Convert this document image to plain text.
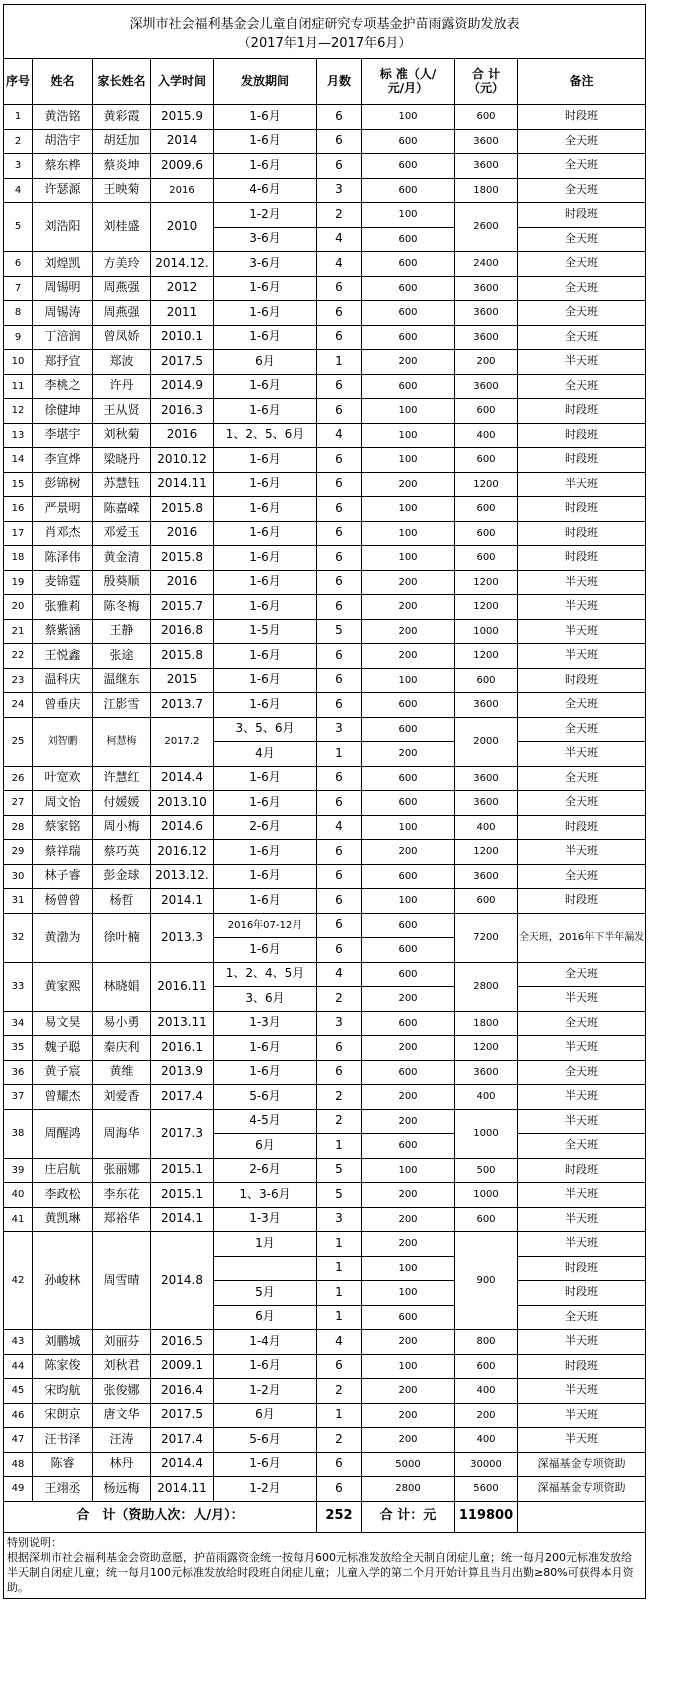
深圳市社会福利基金会儿童自闭症研究专项基金护苗雨露资助发放表
（2017年1月—2017年6月）								

序号	姓名	家长姓名	入学时间	发放期间	月数	标 准（人/元/月）	合 计（元）	备注
1	黄浩铭	黄彩霞	2015.9	1-6月	6	100	600	时段班
2	胡浩宇	胡廷加	2014	1-6月	6	600	3600	全天班
3	蔡东桦	蔡炎坤	2009.6	1-6月	6	600	3600	全天班
4	许瑟源	王映菊	2016	4-6月	3	600	1800	全天班
5	刘浩阳	刘桂盛	2010	1-2月	2	100	2600	时段班
				3-6月	4	600		全天班
6	刘煌凯	方美玲	2014.12.	3-6月	4	600	2400	全天班
7	周锡明	周燕强	2012	1-6月	6	600	3600	全天班
8	周锡涛	周燕强	2011	1-6月	6	600	3600	全天班
9	丁涪润	曾凤娇	2010.1	1-6月	6	600	3600	全天班
10	郑抒宜	郑波	2017.5	6月	1	200	200	半天班
11	李桃之	许丹	2014.9	1-6月	6	600	3600	全天班
12	徐健坤	王从贤	2016.3	1-6月	6	100	600	时段班
13	李堪宇	刘秋菊	2016	1、2、5、6月	4	100	400	时段班
14	李宣烨	梁晓丹	2010.12	1-6月	6	100	600	时段班
15	彭锦树	苏慧钰	2014.11	1-6月	6	200	1200	半天班
16	严景明	陈嘉嵘	2015.8	1-6月	6	100	600	时段班
17	肖邓杰	邓爱玉	2016	1-6月	6	100	600	时段班
18	陈泽伟	黄金清	2015.8	1-6月	6	100	600	时段班
19	麦锦霆	殷葵顺	2016	1-6月	6	200	1200	半天班
20	张雅莉	陈冬梅	2015.7	1-6月	6	200	1200	半天班
21	蔡紫涵	王静	2016.8	1-5月	5	200	1000	半天班
22	王悦鑫	张途	2015.8	1-6月	6	200	1200	半天班
23	温科庆	温继东	2015	1-6月	6	100	600	时段班
24	曾垂庆	江影雪	2013.7	1-6月	6	600	3600	全天班
25	刘智鹏	柯慧梅	2017.2	3、5、6月	3	600	2000	全天班
				4月	1	200		半天班
26	叶宽欢	许慧红	2014.4	1-6月	6	600	3600	全天班
27	周文怡	付媛媛	2013.10	1-6月	6	600	3600	全天班
28	蔡家铭	周小梅	2014.6	2-6月	4	100	400	时段班
29	蔡祥瑞	蔡巧英	2016.12	1-6月	6	200	1200	半天班
30	林子睿	彭金球	2013.12.	1-6月	6	600	3600	全天班
31	杨曾曾	杨哲	2014.1	1-6月	6	100	600	时段班
32	黄渤为	徐叶楠	2013.3	2016年07-12月	6	600	7200	全天班，2016年下半年漏发
				1-6月	6	600		
33	黄家熙	林晓娟	2016.11	1、2、4、5月	4	600	2800	全天班
				3、6月	2	200		半天班
34	易文昊	易小勇	2013.11	1-3月	3	600	1800	全天班
35	魏子聪	秦庆利	2016.1	1-6月	6	200	1200	半天班
36	黄子宸	黄维	2013.9	1-6月	6	600	3600	全天班
37	曾耀杰	刘爱香	2017.4	5-6月	2	200	400	半天班
38	周醒鸿	周海华	2017.3	4-5月	2	200	1000	半天班
				6月	1	600		全天班
39	庄启航	张丽娜	2015.1	2-6月	5	100	500	时段班
40	李政松	李东花	2015.1	1、3-6月	5	200	1000	半天班
41	黄凯琳	郑裕华	2014.1	1-3月	3	200	600	半天班
42	孙峻林	周雪晴	2014.8	1月	1	200	900	半天班
					1	100		时段班
				5月	1	100		时段班
				6月	1	600		全天班
43	刘鹏城	刘丽芬	2016.5	1-4月	4	200	800	半天班
44	陈家俊	刘秋君	2009.1	1-6月	6	100	600	时段班
45	宋昀航	张俊娜	2016.4	1-2月	2	200	400	半天班
46	宋朗京	唐文华	2017.5	6月	1	200	200	半天班
47	汪书泽	汪涛	2017.4	5-6月	2	200	400	半天班
48	陈睿	林丹	2014.4	1-6月	6	5000	30000	深福基金专项资助
49	王翊丞	杨远梅	2014.11	1-2月	6	2800	5600	深福基金专项资助
合　计（资助人次：人/月）：					252	合 计：元	119800	

特别说明：
根据深圳市社会福利基金会资助意愿，护苗雨露资金统一按每月600元标准发放给全天制自闭症儿童；统一每月200元标准发放给半天制自闭症儿童；统一每月100元标准发放给时段班自闭症儿童；儿童入学的第二个月开始计算且当月出勤≥80%可获得本月资助。								
